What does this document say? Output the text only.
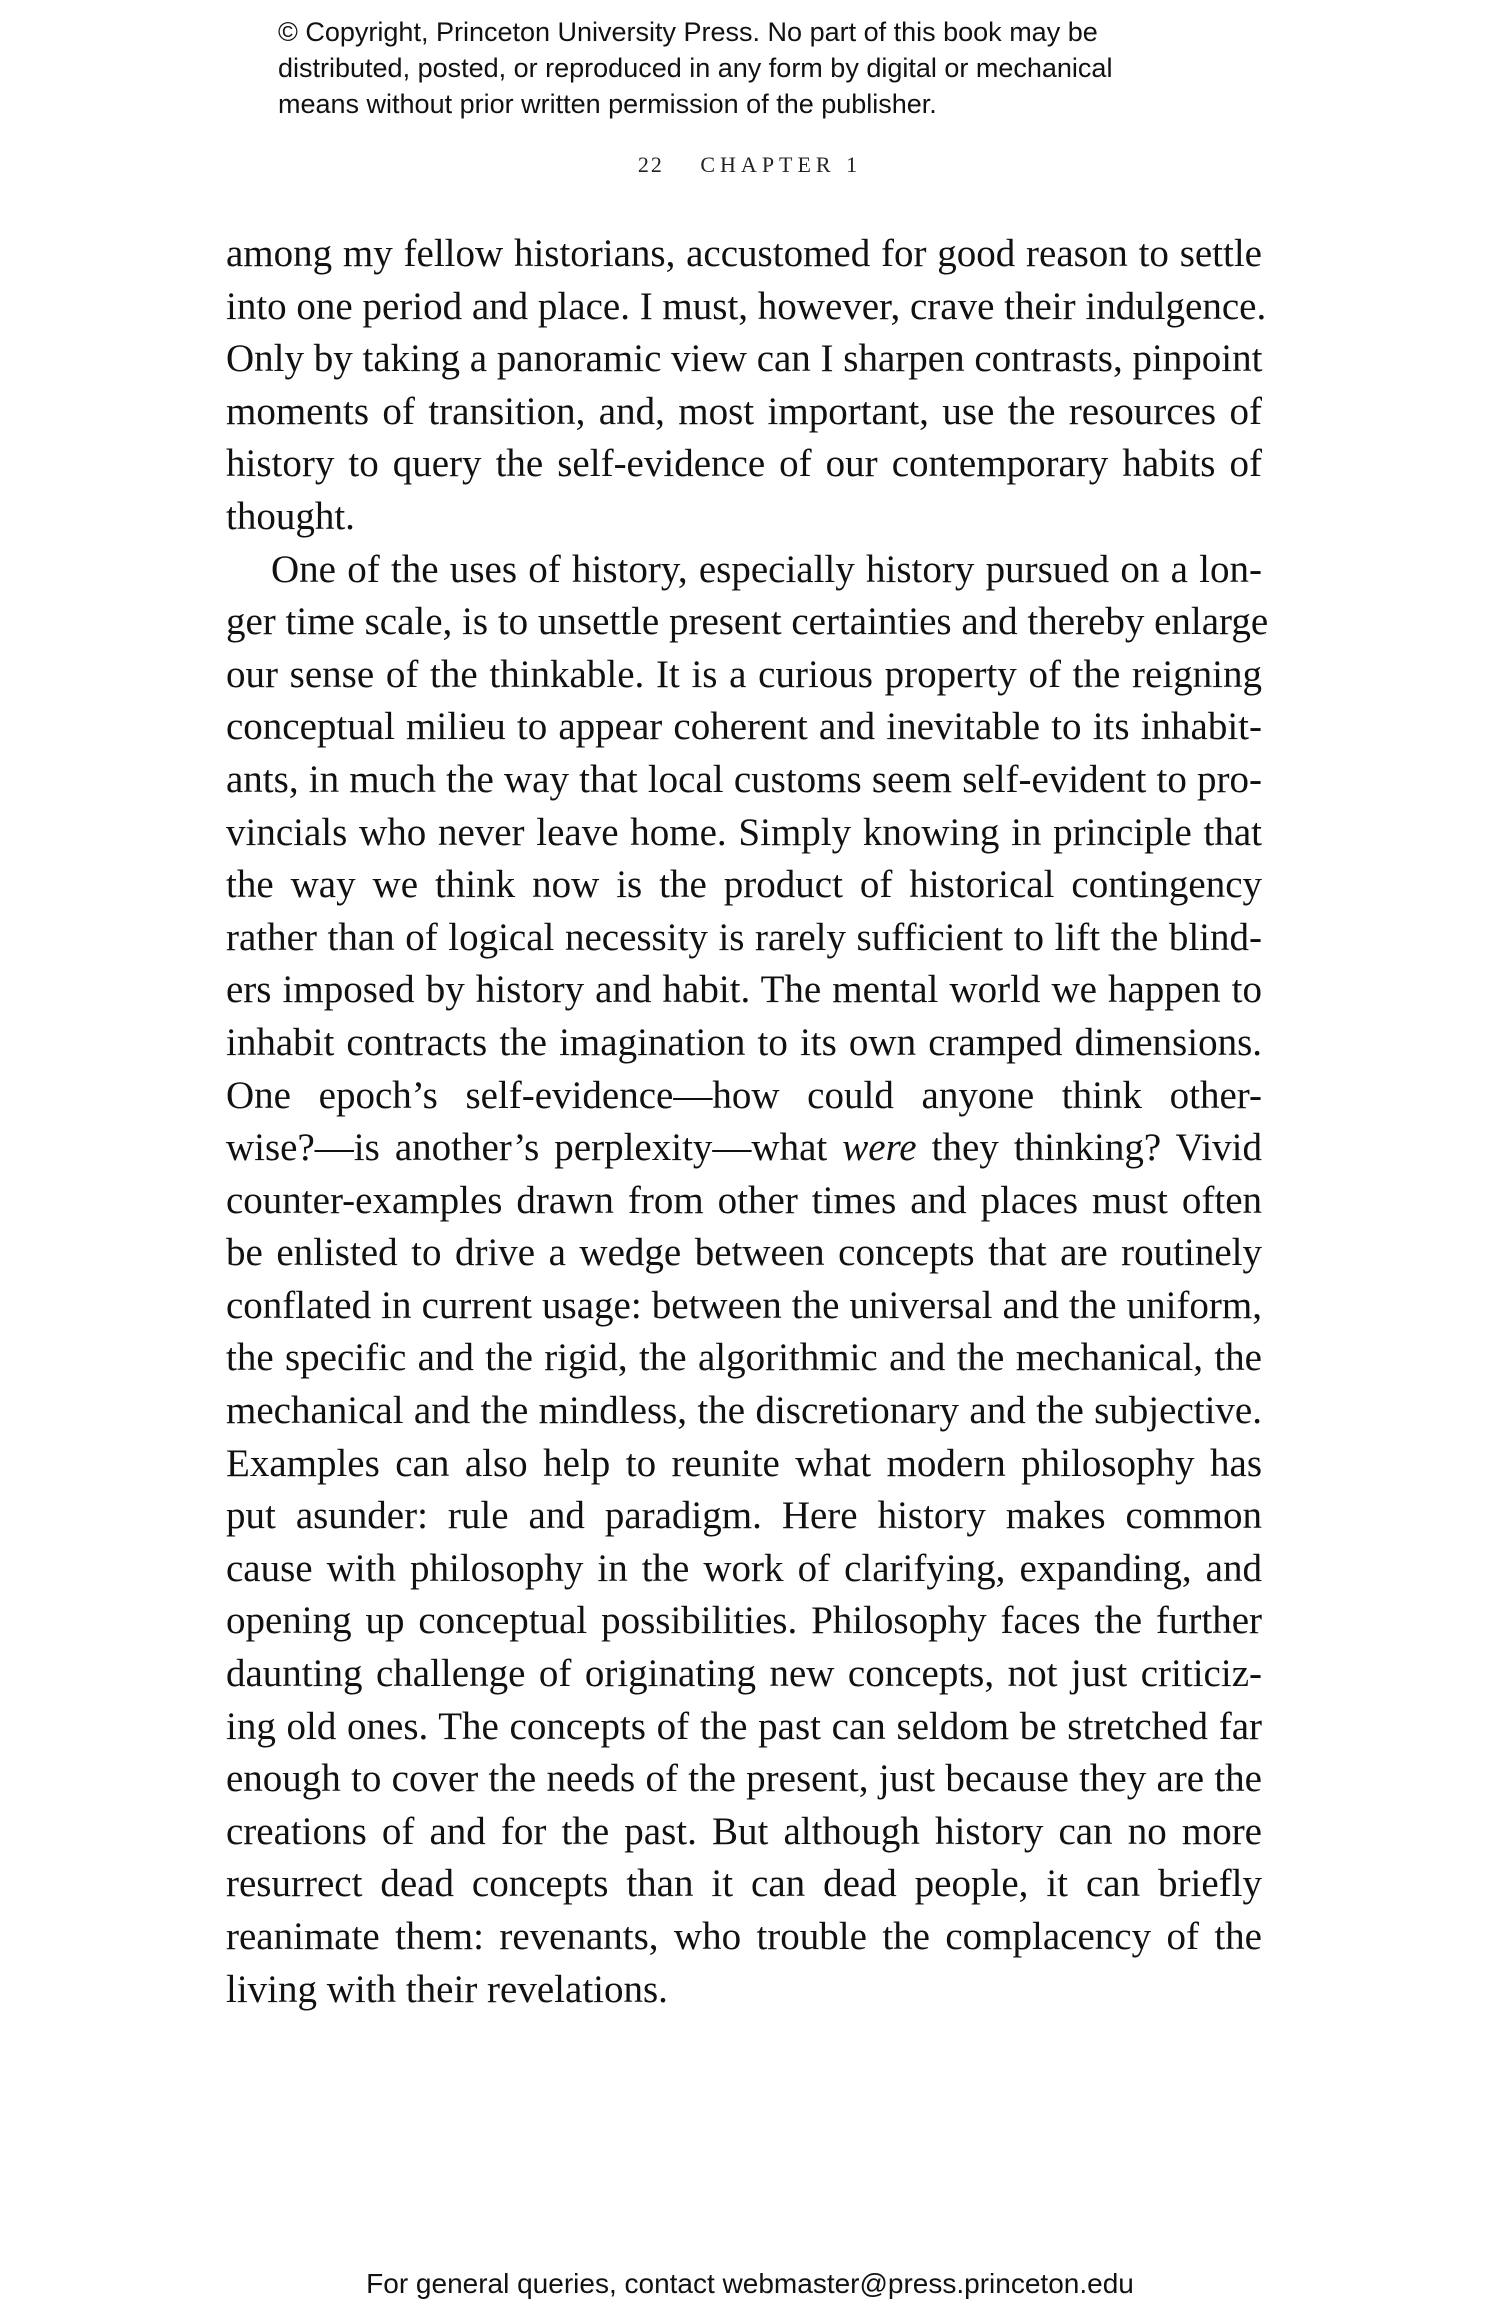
© Copyright, Princeton University Press. No part of this book may be
distributed, posted, or reproduced in any form by digital or mechanical
means without prior written permission of the publisher.
22 CHAPTER 1
among my fellow historians, accustomed for good reason to settle
into one period and place. I must, however, crave their indulgence.
Only by taking a panoramic view can I sharpen contrasts, pinpoint
moments of transition, and, most important, use the resources of
history to query the self-evidence of our contemporary habits of
thought.
One of the uses of history, especially history pursued on a lon-
ger time scale, is to unsettle present certainties and thereby enlarge
our sense of the thinkable. It is a curious property of the reigning
conceptual milieu to appear coherent and inevitable to its inhabit-
ants, in much the way that local customs seem self-evident to pro-
vincials who never leave home. Simply knowing in principle that
the way we think now is the product of historical contingency
rather than of logical necessity is rarely sufficient to lift the blind-
ers imposed by history and habit. The mental world we happen to
inhabit contracts the imagination to its own cramped dimensions.
One epoch’s self-evidence—how could anyone think other-
wise?—is another’s perplexity—what were they thinking? Vivid
counter-examples drawn from other times and places must often
be enlisted to drive a wedge between concepts that are routinely
conflated in current usage: between the universal and the uniform,
the specific and the rigid, the algorithmic and the mechanical, the
mechanical and the mindless, the discretionary and the subjective.
Examples can also help to reunite what modern philosophy has
put asunder: rule and paradigm. Here history makes common
cause with philosophy in the work of clarifying, expanding, and
opening up conceptual possibilities. Philosophy faces the further
daunting challenge of originating new concepts, not just criticiz-
ing old ones. The concepts of the past can seldom be stretched far
enough to cover the needs of the present, just because they are the
creations of and for the past. But although history can no more
resurrect dead concepts than it can dead people, it can briefly
reanimate them: revenants, who trouble the complacency of the
living with their revelations.
For general queries, contact webmaster@press.princeton.edu
